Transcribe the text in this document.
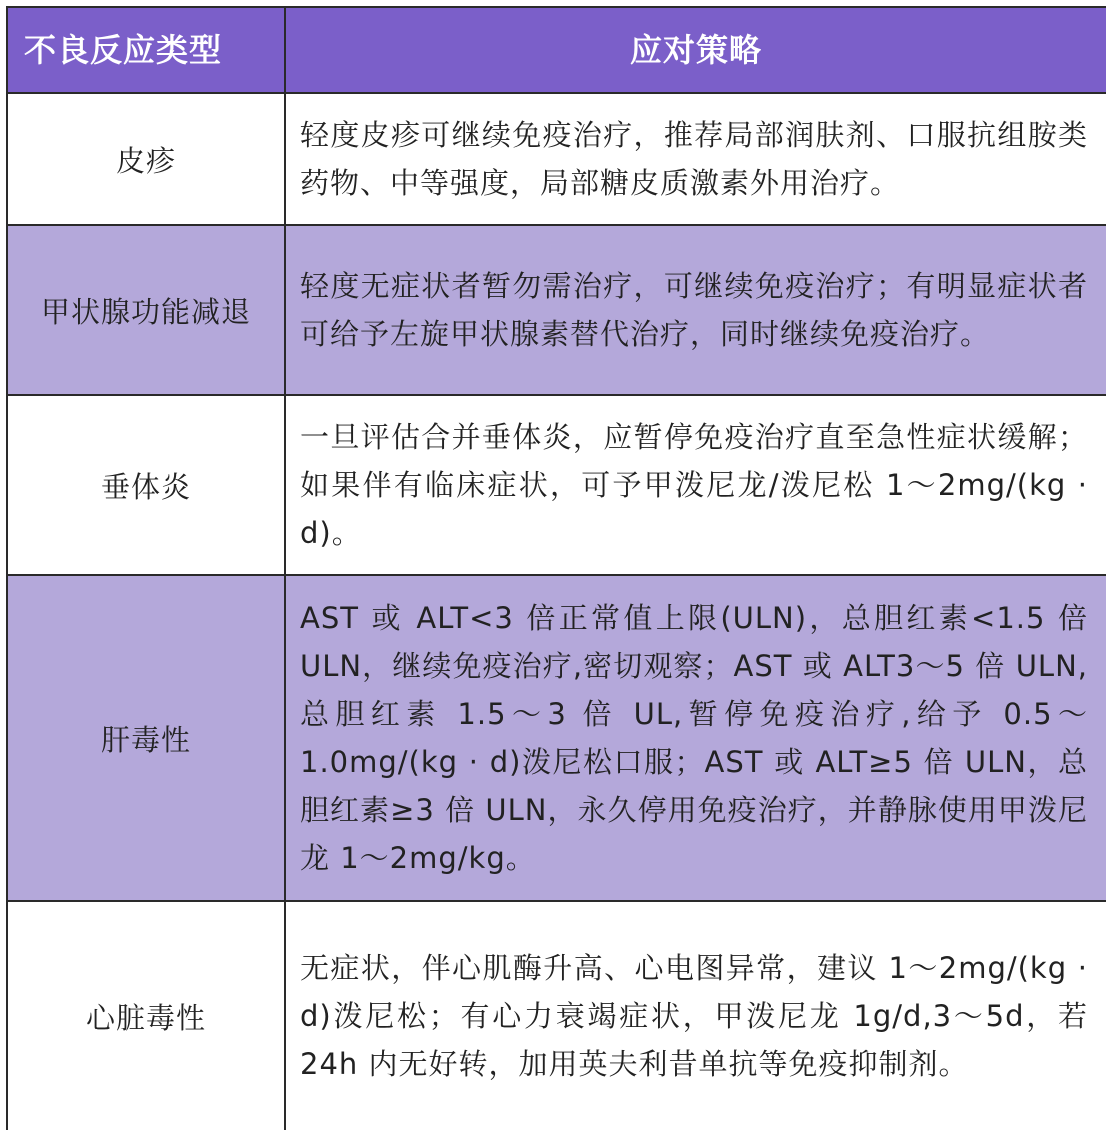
不良反应类型	应对策略
皮疹	轻度皮疹可继续免疫治疗，推荐局部润肤剂、口服抗组胺类药物、中等强度，局部糖皮质激素外用治疗。
甲状腺功能减退	轻度无症状者暂勿需治疗，可继续免疫治疗；有明显症状者可给予左旋甲状腺素替代治疗，同时继续免疫治疗。
垂体炎	一旦评估合并垂体炎，应暂停免疫治疗直至急性症状缓解；如果伴有临床症状，可予甲泼尼龙/泼尼松 1～2mg/(kg · d)。
肝毒性	AST 或 ALT<3 倍正常值上限(ULN)，总胆红素<1.5 倍 ULN，继续免疫治疗,密切观察；AST 或 ALT3～5 倍 ULN,总胆红素 1.5～3 倍 UL,暂停免疫治疗,给予 0.5～1.0mg/(kg · d)泼尼松口服；AST 或 ALT≥5 倍 ULN，总胆红素≥3 倍 ULN，永久停用免疫治疗，并静脉使用甲泼尼龙 1～2mg/kg。
心脏毒性	无症状，伴心肌酶升高、心电图异常，建议 1～2mg/(kg · d)泼尼松；有心力衰竭症状，甲泼尼龙 1g/d,3～5d，若 24h 内无好转，加用英夫利昔单抗等免疫抑制剂。
